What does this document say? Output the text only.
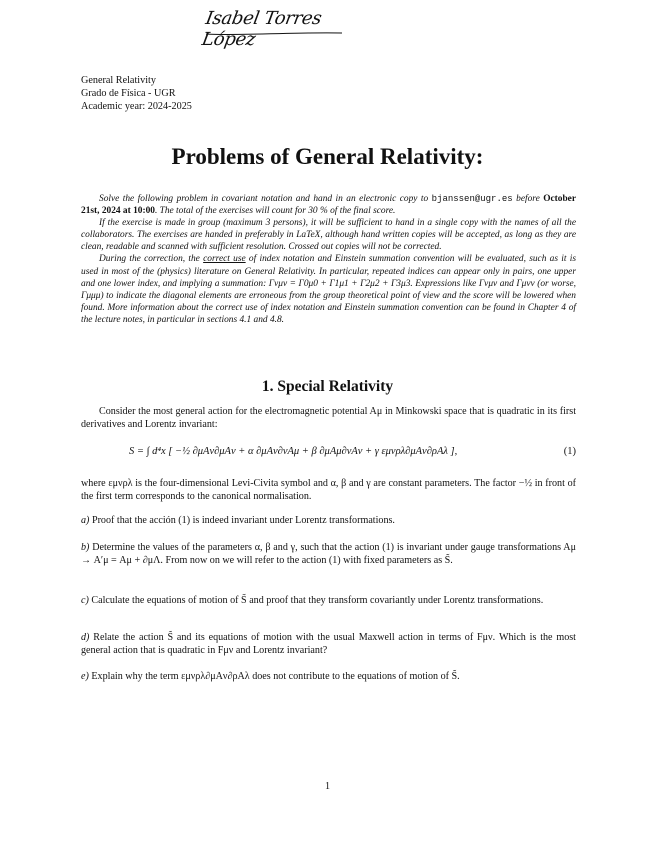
Isabel Torres López
General Relativity
Grado de Física - UGR
Academic year: 2024-2025
Problems of General Relativity:

Solve the following problem in covariant notation and hand in an electronic copy to bjanssen@ugr.es before October 21st, 2024 at 10:00. The total of the exercises will count for 30 % of the final score.

If the exercise is made in group (maximum 3 persons), it will be sufficient to hand in a single copy with the names of all the collaborators. The exercises are handed in preferably in LaTeX, although hand written copies will be accepted, as long as they are clean, readable and scanned with sufficient resolution. Crossed out copies will not be corrected.

During the correction, the correct use of index notation and Einstein summation convention will be evaluated, such as it is used in most of the (physics) literature on General Relativity. In particular, repeated indices can appear only in pairs, one upper and one lower index, and implying a summation: Γνμν = Γ0μ0 + Γ1μ1 + Γ2μ2 + Γ3μ3. Expressions like Γνμν and Γμνν (or worse, Γμμμ) to indicate the diagonal elements are erroneous from the group theoretical point of view and the score will be lowered when found. More information about the correct use of index notation and Einstein summation convention can be found in Chapter 4 of the lecture notes, in particular in sections 4.1 and 4.8.

1. Special Relativity

Consider the most general action for the electromagnetic potential Aμ in Minkowski space that is quadratic in its first derivatives and Lorentz invariant:

S = ∫ d⁴x [ −½ ∂μAν∂μAν + α ∂μAν∂νAμ + β ∂μAμ∂νAν + γ εμνρλ∂μAν∂ρAλ ],	(1)

where εμνρλ is the four-dimensional Levi-Civita symbol and α, β and γ are constant parameters. The factor −½ in front of the first term corresponds to the canonical normalisation.

a) Proof that the acción (1) is indeed invariant under Lorentz transformations.
b) Determine the values of the parameters α, β and γ, such that the action (1) is invariant under gauge transformations Aμ → A′μ = Aμ + ∂μΛ. From now on we will refer to the action (1) with fixed parameters as S̃.
c) Calculate the equations of motion of S̃ and proof that they transform covariantly under Lorentz transformations.
d) Relate the action S̃ and its equations of motion with the usual Maxwell action in terms of Fμν. Which is the most general action that is quadratic in Fμν and Lorentz invariant?
e) Explain why the term εμνρλ∂μAν∂ρAλ does not contribute to the equations of motion of S̃.
1
